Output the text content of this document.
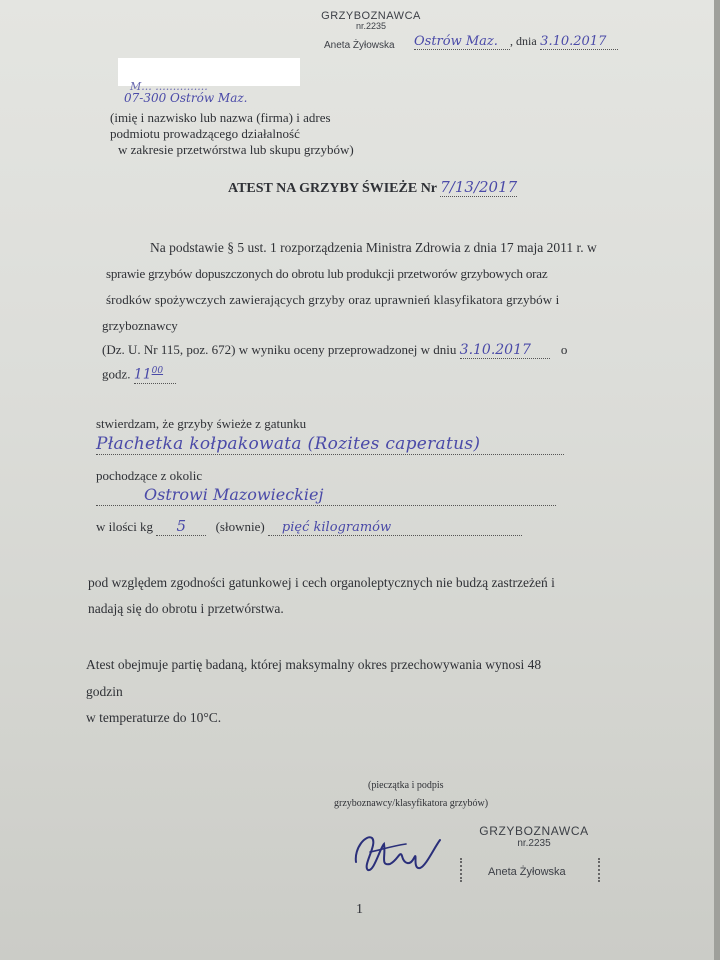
GRZYBOZNAWCA
nr.2235
Aneta Żyłowska Ostrów Maz. , dnia 3.10.2017
M... ...............
07-300 Ostrów Maz.
(imię i nazwisko lub nazwa (firma) i adres
podmiotu prowadzącego działalność
w zakresie przetwórstwa lub skupu grzybów)
ATEST NA GRZYBY ŚWIEŻE Nr 7/13/2017
Na podstawie § 5 ust. 1 rozporządzenia Ministra Zdrowia z dnia 17 maja 2011 r. w
sprawie grzybów dopuszczonych do obrotu lub produkcji przetworów grzybowych oraz
środków spożywczych zawierających grzyby oraz uprawnień klasyfikatora grzybów i
grzyboznawcy
(Dz. U. Nr 115, poz. 672) w wyniku oceny przeprowadzonej w dniu 3.10.2017 o
godz. $11^{00}$
stwierdzam, że grzyby świeże z gatunku
Płachetka kołpakowata (Rozites caperatus)
pochodzące z okolic
Ostrowi Mazowieckiej
w ilości kg 5 (słownie) pięć kilogramów
pod względem zgodności gatunkowej i cech organoleptycznych nie budzą zastrzeżeń i
nadają się do obrotu i przetwórstwa.
Atest obejmuje partię badaną, której maksymalny okres przechowywania wynosi 48
godzin
w temperaturze do 10°C.
(pieczątka i podpis
grzyboznawcy/klasyfikatora grzybów)
GRZYBOZNAWCA
nr.2235
Aneta Żyłowska
1
